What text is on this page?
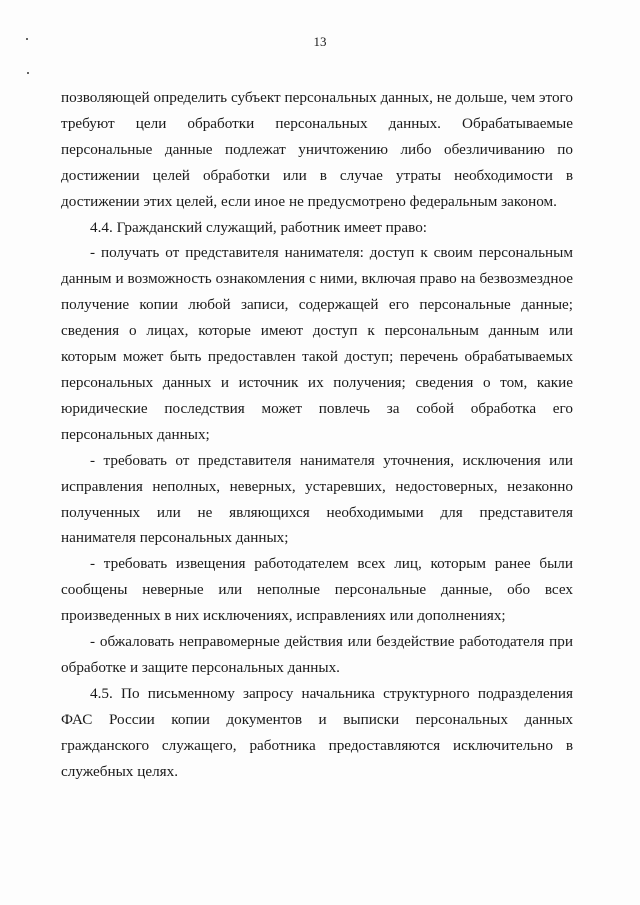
13

позволяющей определить субъект персональных данных, не дольше, чем этого требуют цели обработки персональных данных. Обрабатываемые персональные данные подлежат уничтожению либо обезличиванию по достижении целей обработки или в случае утраты необходимости в достижении этих целей, если иное не предусмотрено федеральным законом.

4.4. Гражданский служащий, работник имеет право:

- получать от представителя нанимателя: доступ к своим персональным данным и возможность ознакомления с ними, включая право на безвозмездное получение копии любой записи, содержащей его персональные данные; сведения о лицах, которые имеют доступ к персональным данным или которым может быть предоставлен такой доступ; перечень обрабатываемых персональных данных и источник их получения; сведения о том, какие юридические последствия может повлечь за собой обработка его персональных данных;

- требовать от представителя нанимателя уточнения, исключения или исправления неполных, неверных, устаревших, недостоверных, незаконно полученных или не являющихся необходимыми для представителя нанимателя персональных данных;

- требовать извещения работодателем всех лиц, которым ранее были сообщены неверные или неполные персональные данные, обо всех произведенных в них исключениях, исправлениях или дополнениях;

- обжаловать неправомерные действия или бездействие работодателя при обработке и защите персональных данных.

4.5. По письменному запросу начальника структурного подразделения ФАС России копии документов и выписки персональных данных гражданского служащего, работника предоставляются исключительно в служебных целях.
